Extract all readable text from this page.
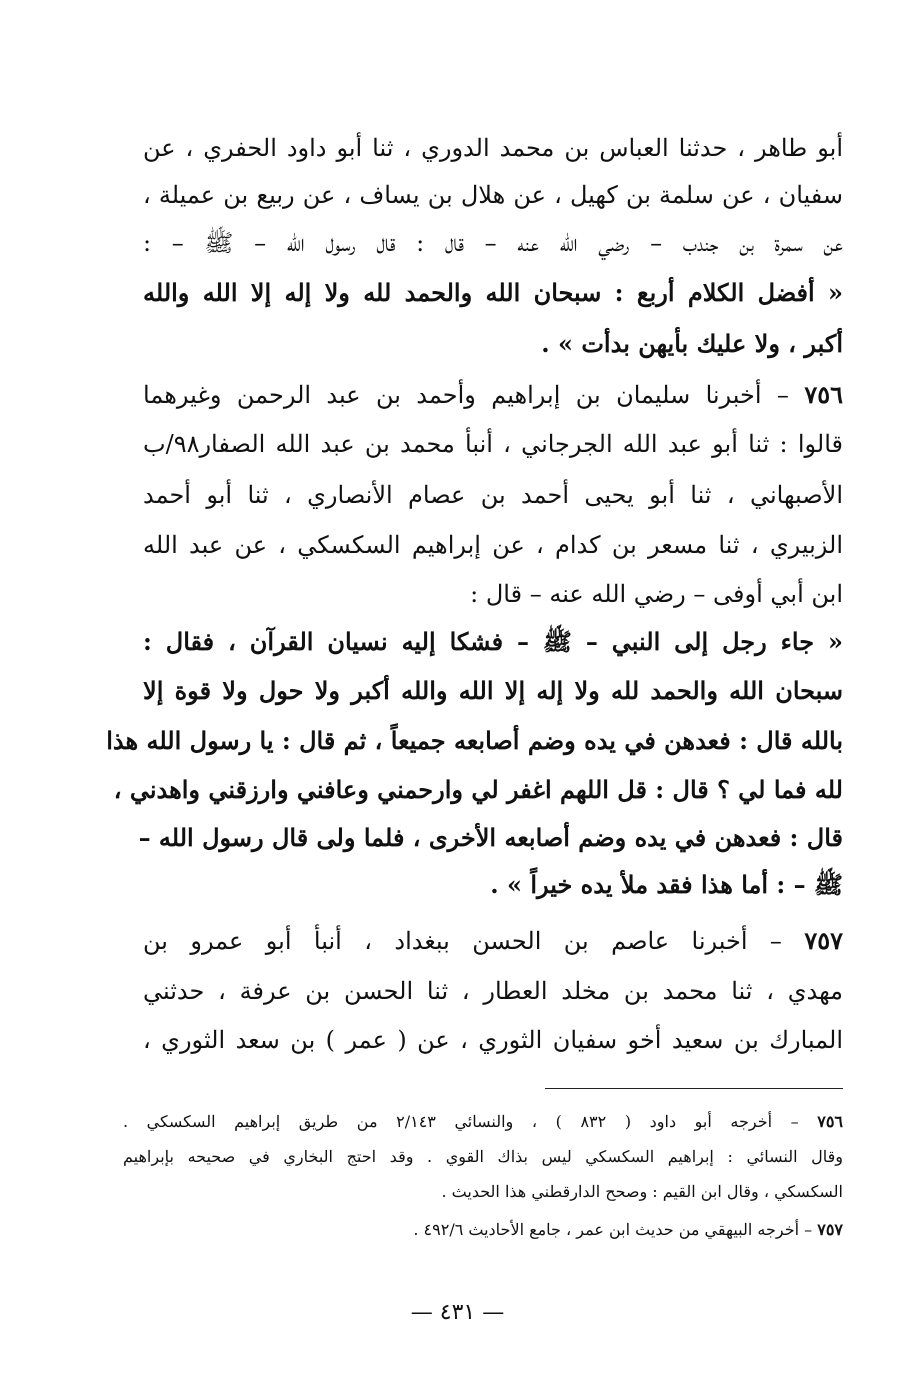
أبو طاهر ، حدثنا العباس بن محمد الدوري ، ثنا أبو داود الحفري ، عن
سفيان ، عن سلمة بن كهيل ، عن هلال بن يساف ، عن ربيع بن عميلة ،
عن سمرة بن جندب – رضي الله عنه – قال : قال رسول الله – ﷺ – :
« أفضل الكلام أربع : سبحان الله والحمد لله ولا إله إلا الله والله
أكبر ، ولا عليك بأيهن بدأت » .
٧٥٦ – أخبرنا سليمان بن إبراهيم وأحمد بن عبد الرحمن وغيرهما
قالوا : ثنا أبو عبد الله الجرجاني ، أنبأ محمد بن عبد الله الصفار٩٨/ب
الأصبهاني ، ثنا أبو يحيى أحمد بن عصام الأنصاري ، ثنا أبو أحمد
الزبيري ، ثنا مسعر بن كدام ، عن إبراهيم السكسكي ، عن عبد الله
ابن أبي أوفى – رضي الله عنه – قال :
« جاء رجل إلى النبي – ﷺ – فشكا إليه نسيان القرآن ، فقال :
سبحان الله والحمد لله ولا إله إلا الله والله أكبر ولا حول ولا قوة إلا
بالله قال : فعدهن في يده وضم أصابعه جميعاً ، ثم قال : يا رسول الله هذا
لله فما لي ؟ قال : قل اللهم اغفر لي وارحمني وعافني وارزقني واهدني ،
قال : فعدهن في يده وضم أصابعه الأخرى ، فلما ولى قال رسول الله –
ﷺ – : أما هذا فقد ملأ يده خيراً » .
٧٥٧ – أخبرنا عاصم بن الحسن ببغداد ، أنبأ أبو عمرو بن
مهدي ، ثنا محمد بن مخلد العطار ، ثنا الحسن بن عرفة ، حدثني
المبارك بن سعيد أخو سفيان الثوري ، عن ( عمر ) بن سعد الثوري ،
٧٥٦ – أخرجه أبو داود ( ٨٣٢ ) ، والنسائي ٢/١٤٣ من طريق إبراهيم السكسكي .
وقال النسائي : إبراهيم السكسكي ليس بذاك القوي . وقد احتج البخاري في صحيحه بإبراهيم
السكسكي ، وقال ابن القيم : وصحح الدارقطني هذا الحديث .
٧٥٧ – أخرجه البيهقي من حديث ابن عمر ، جامع الأحاديث ٤٩٢/٦ .
— ٤٣١ —
